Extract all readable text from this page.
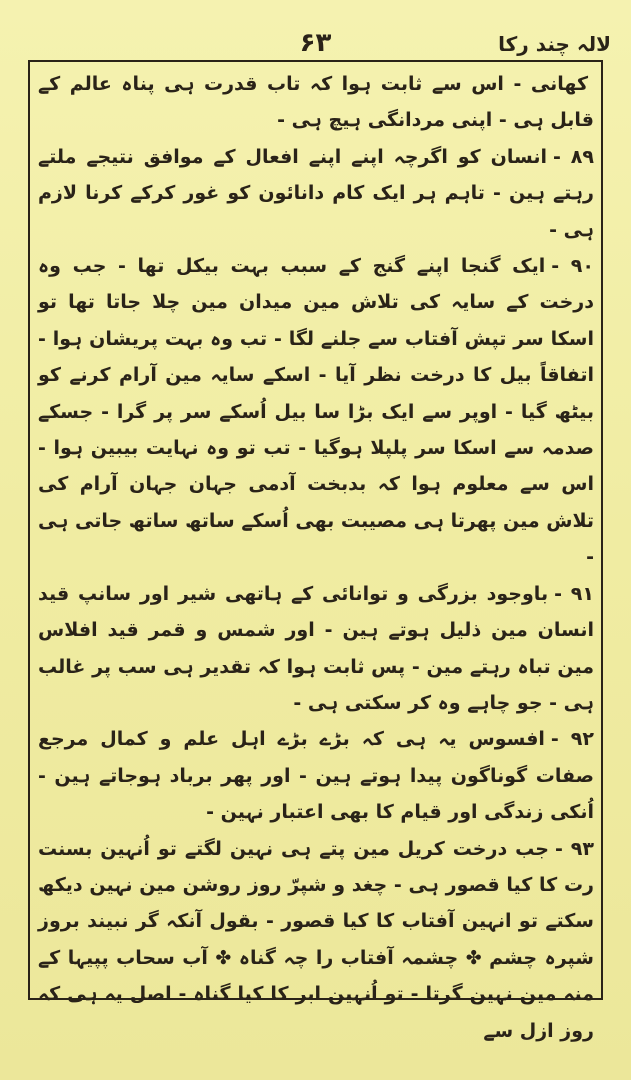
لالہ چند رکا
۶۳

کھانی - اس سے ثابت ہوا کہ تاب قدرت ہی پناہ عالم کے قابل ہی - اپنی مردانگی ہیچ ہی -

۸۹ -انسان کو اگرچہ اپنے اپنے افعال کے موافق نتیجے ملتے رہتے ہین - تاہم ہر ایک کام دانائون کو غور کرکے کرنا لازم ہی -

۹۰ -ایک گنجا اپنے گنج کے سبب بہت بیکل تھا - جب وہ درخت کے سایہ کی تلاش مین میدان مین چلا جاتا تھا تو اسکا سر تپش آفتاب سے جلنے لگا - تب وہ بہت پریشان ہوا - اتفاقاً بیل کا درخت نظر آیا - اسکے سایہ مین آرام کرنے کو بیٹھ گیا - اوپر سے ایک بڑا سا بیل اُسکے سر پر گرا - جسکے صدمہ سے اسکا سر پلپلا ہوگیا - تب تو وہ نہایت بیبین ہوا - اس سے معلوم ہوا کہ بدبخت آدمی جہان جہان آرام کی تلاش مین پھرتا ہی مصیبت بھی اُسکے ساتھ ساتھ جاتی ہی -

۹۱ -باوجود بزرگی و توانائی کے ہاتھی شیر اور سانپ قید انسان مین ذلیل ہوتے ہین - اور شمس و قمر قید افلاس مین تباہ رہتے مین - پس ثابت ہوا کہ تقدیر ہی سب پر غالب ہی - جو چاہے وہ کر سکتی ہی -

۹۲ -افسوس یہ ہی کہ بڑے بڑے اہل علم و کمال مرجع صفات گوناگون پیدا ہوتے ہین - اور پھر برباد ہوجاتے ہین - اُنکی زندگی اور قیام کا بھی اعتبار نہین -

۹۳ -جب درخت کریل مین پتے ہی نہین لگتے تو اُنہین بسنت رت کا کیا قصور ہی - چغد و شپرّ روز روشن مین نہین دیکھ سکتے تو انہین آفتاب کا کیا قصور - بقول آنکہ گر نبیند بروز شپرہ چشم ✤ چشمہ آفتاب را چہ گناہ ✤ آب سحاب پپیہا کے منہ مین نہین گرتا - تو اُنہین ابر کا کیا گناہ - اصل یہ ہی کہ روز ازل سے
